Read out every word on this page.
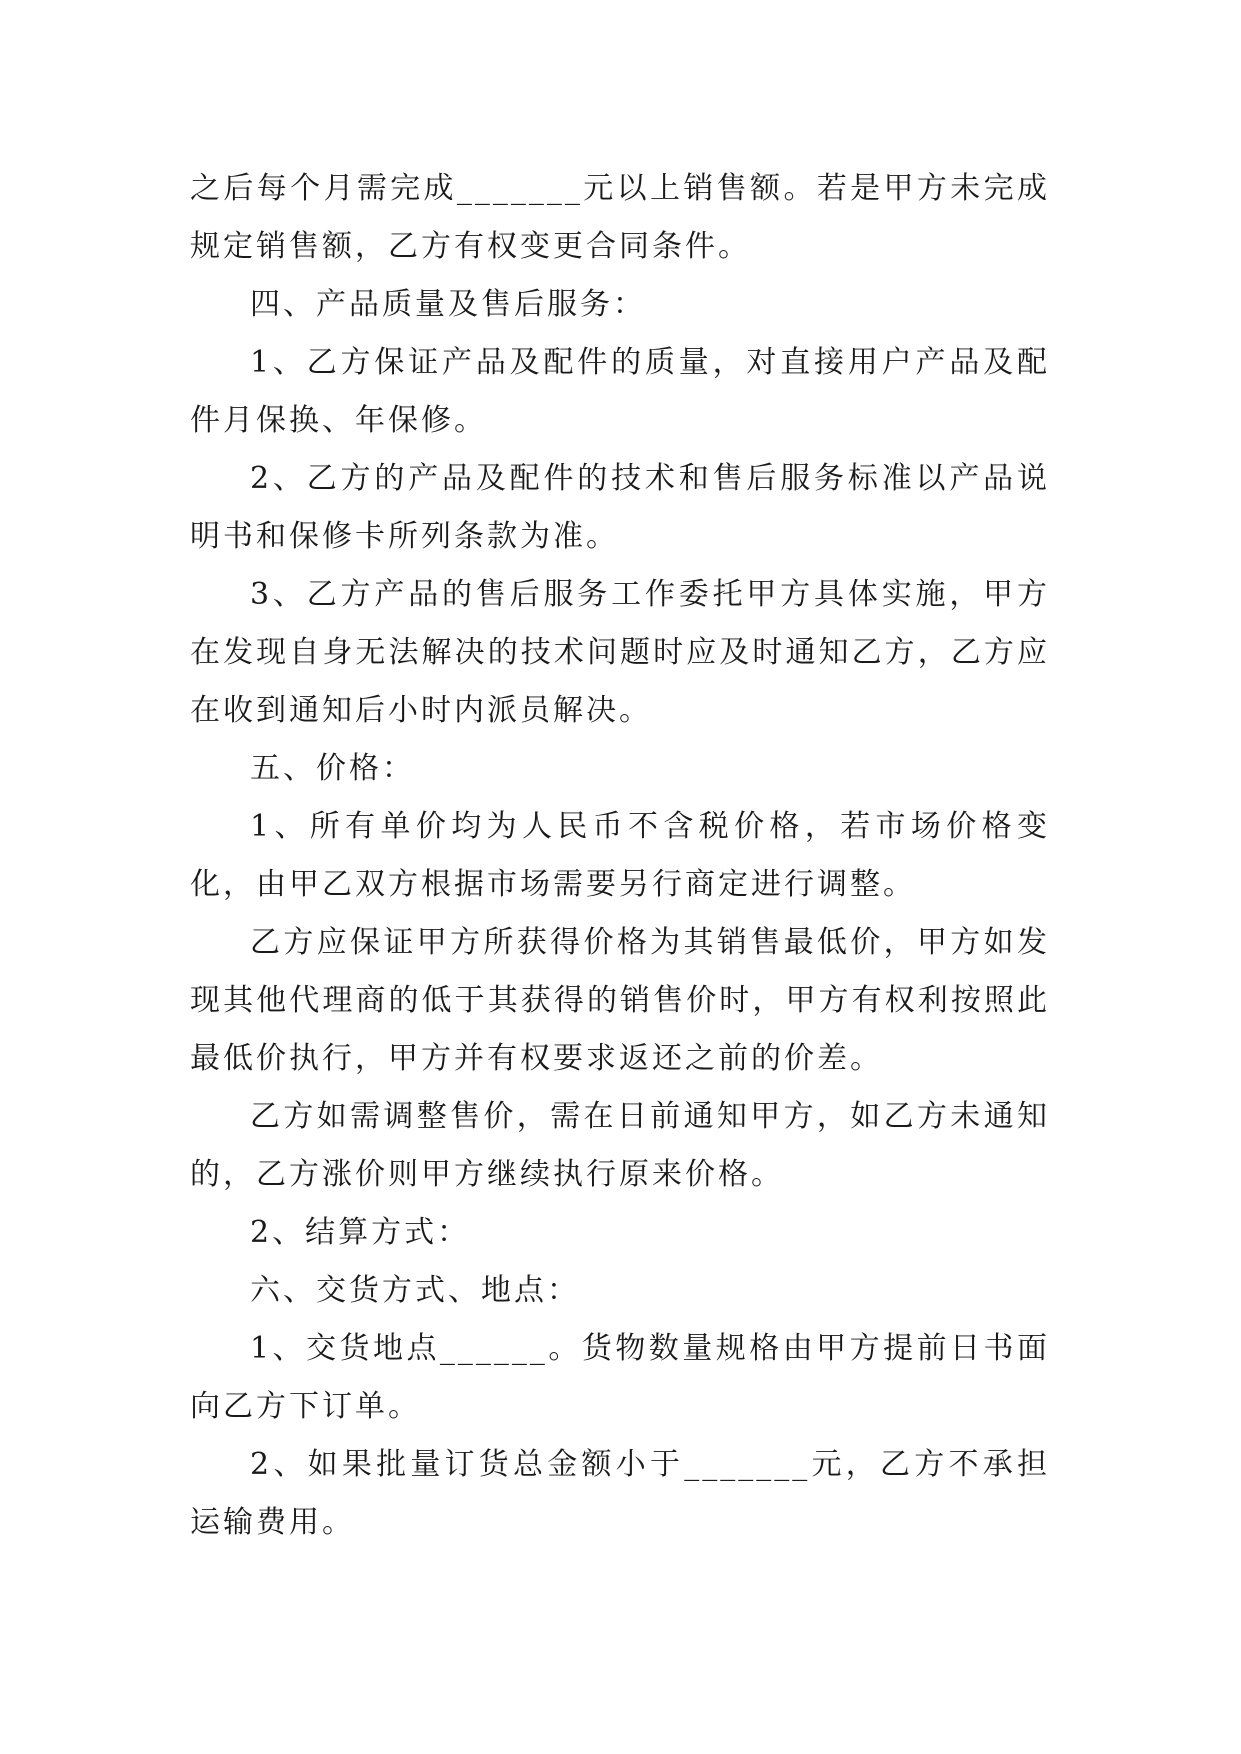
之后每个月需完成_______元以上销售额。若是甲方未完成规定销售额，乙方有权变更合同条件。

四、产品质量及售后服务：

1、乙方保证产品及配件的质量，对直接用户产品及配件月保换、年保修。

2、乙方的产品及配件的技术和售后服务标准以产品说明书和保修卡所列条款为准。

3、乙方产品的售后服务工作委托甲方具体实施，甲方在发现自身无法解决的技术问题时应及时通知乙方，乙方应在收到通知后小时内派员解决。

五、价格：

1、所有单价均为人民币不含税价格，若市场价格变化，由甲乙双方根据市场需要另行商定进行调整。

乙方应保证甲方所获得价格为其销售最低价，甲方如发现其他代理商的低于其获得的销售价时，甲方有权利按照此最低价执行，甲方并有权要求返还之前的价差。

乙方如需调整售价，需在日前通知甲方，如乙方未通知的，乙方涨价则甲方继续执行原来价格。

2、结算方式：

六、交货方式、地点：

1、交货地点______。货物数量规格由甲方提前日书面向乙方下订单。

2、如果批量订货总金额小于_______元，乙方不承担运输费用。
